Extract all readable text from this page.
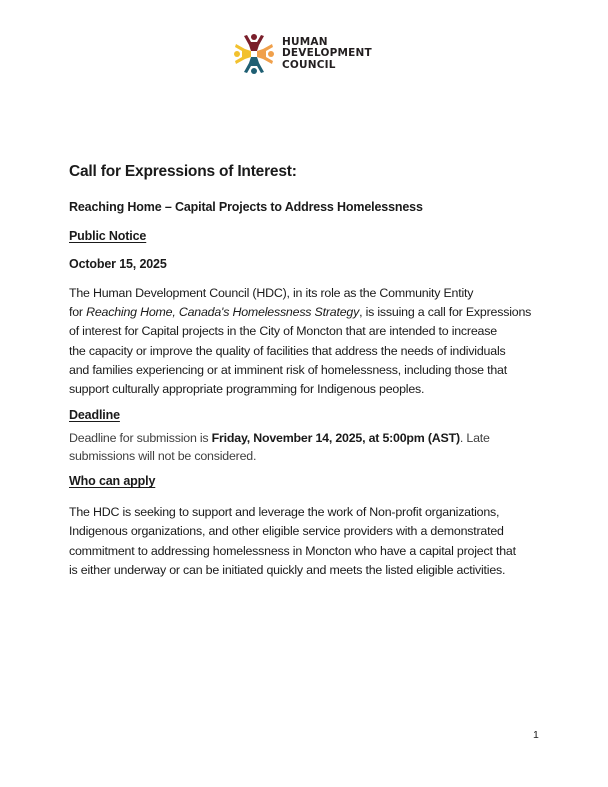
HUMAN
DEVELOPMENT
COUNCIL
Call for Expressions of Interest:
Reaching Home – Capital Projects to Address Homelessness
Public Notice
October 15, 2025
The Human Development Council (HDC), in its role as the Community Entity
for Reaching Home, Canada's Homelessness Strategy, is issuing a call for Expressions
of interest for Capital projects in the City of Moncton that are intended to increase
the capacity or improve the quality of facilities that address the needs of individuals
and families experiencing or at imminent risk of homelessness, including those that
support culturally appropriate programming for Indigenous peoples.
Deadline
Deadline for submission is Friday, November 14, 2025, at 5:00pm (AST). Late
submissions will not be considered.
Who can apply
The HDC is seeking to support and leverage the work of Non-profit organizations,
Indigenous organizations, and other eligible service providers with a demonstrated
commitment to addressing homelessness in Moncton who have a capital project that
is either underway or can be initiated quickly and meets the listed eligible activities.
1
